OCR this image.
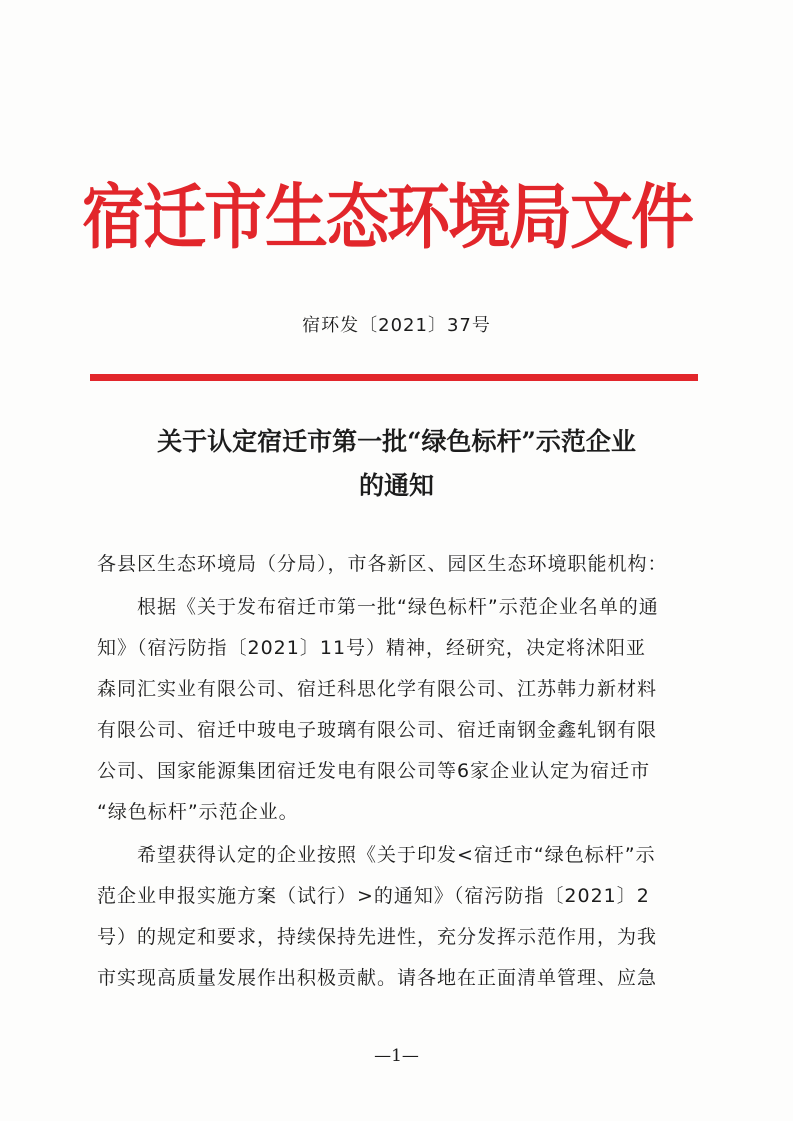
宿迁市生态环境局文件
宿环发〔2021〕37号
关于认定宿迁市第一批“绿色标杆”示范企业
的通知
各县区生态环境局（分局），市各新区、园区生态环境职能机构：
　　根据《关于发布宿迁市第一批“绿色标杆”示范企业名单的通
知》（宿污防指〔2021〕11号）精神，经研究，决定将沭阳亚
森同汇实业有限公司、宿迁科思化学有限公司、江苏韩力新材料
有限公司、宿迁中玻电子玻璃有限公司、宿迁南钢金鑫轧钢有限
公司、国家能源集团宿迁发电有限公司等6家企业认定为宿迁市
“绿色标杆”示范企业。
　　希望获得认定的企业按照《关于印发<宿迁市“绿色标杆”示
范企业申报实施方案（试行）>的通知》（宿污防指〔2021〕2
号）的规定和要求，持续保持先进性，充分发挥示范作用，为我
市实现高质量发展作出积极贡献。请各地在正面清单管理、应急
—1—
